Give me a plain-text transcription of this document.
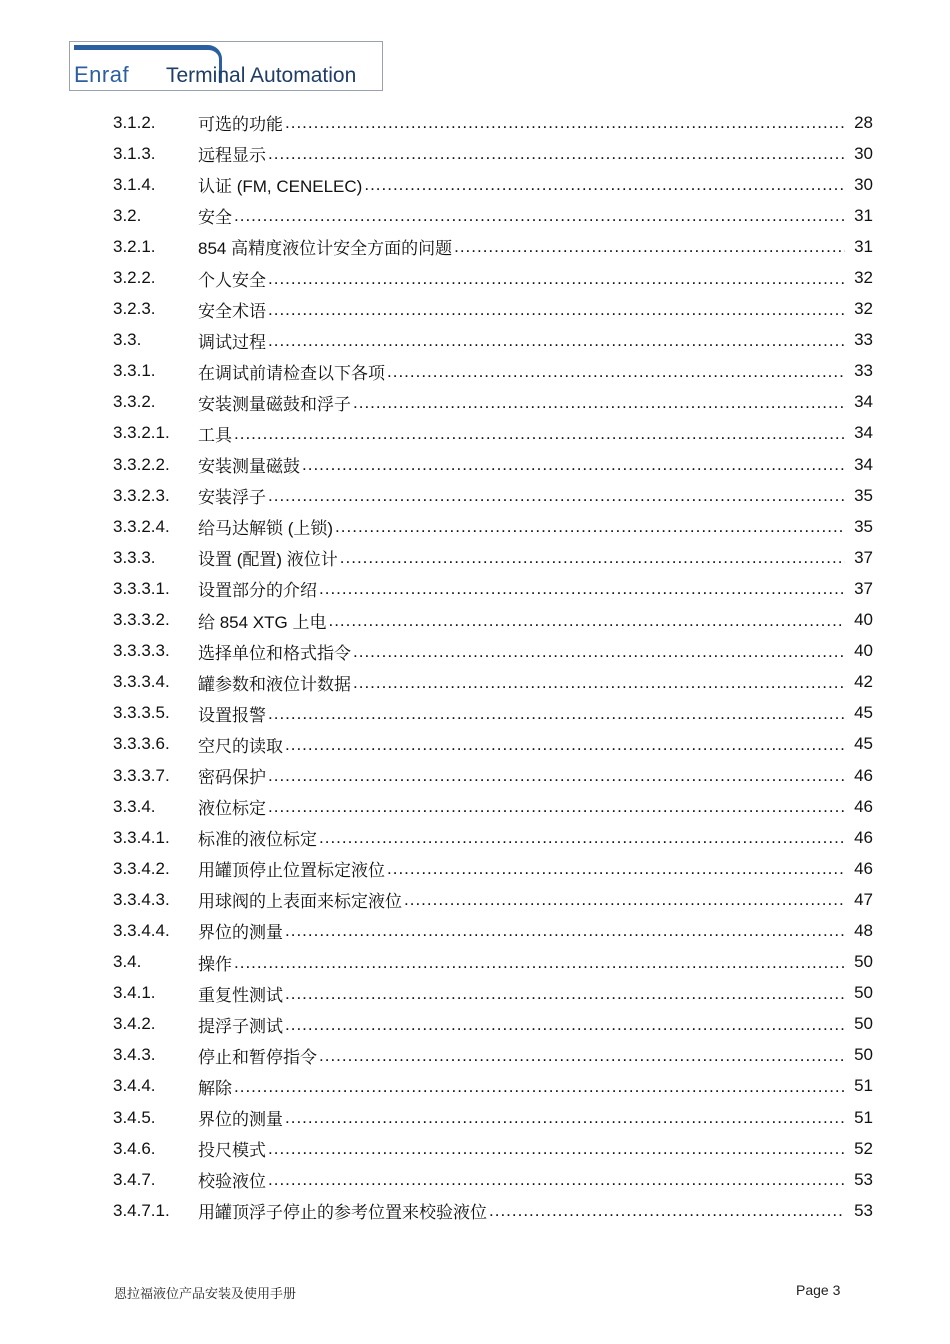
Enraf Terminal Automation
3.1.2.	可选的功能 .....	28
3.1.3.	远程显示 .....	30
3.1.4.	认证 (FM, CENELEC) .....	30
3.2.	安全 .....	31
3.2.1.	854 高精度液位计安全方面的问题 .....	31
3.2.2.	个人安全 .....	32
3.2.3.	安全术语 .....	32
3.3.	调试过程 .....	33
3.3.1.	在调试前请检查以下各项 .....	33
3.3.2.	安装测量磁鼓和浮子 .....	34
3.3.2.1.	工具 .....	34
3.3.2.2.	安装测量磁鼓 .....	34
3.3.2.3.	安装浮子 .....	35
3.3.2.4.	给马达解锁 (上锁) .....	35
3.3.3.	设置 (配置) 液位计 .....	37
3.3.3.1.	设置部分的介绍 .....	37
3.3.3.2.	给 854 XTG 上电 .....	40
3.3.3.3.	选择单位和格式指令 .....	40
3.3.3.4.	罐参数和液位计数据 .....	42
3.3.3.5.	设置报警 .....	45
3.3.3.6.	空尺的读取 .....	45
3.3.3.7.	密码保护 .....	46
3.3.4.	液位标定 .....	46
3.3.4.1.	标准的液位标定 .....	46
3.3.4.2.	用罐顶停止位置标定液位 .....	46
3.3.4.3.	用球阀的上表面来标定液位 .....	47
3.3.4.4.	界位的测量 .....	48
3.4.	操作 .....	50
3.4.1.	重复性测试 .....	50
3.4.2.	提浮子测试 .....	50
3.4.3.	停止和暂停指令 .....	50
3.4.4.	解除 .....	51
3.4.5.	界位的测量 .....	51
3.4.6.	投尺模式 .....	52
3.4.7.	校验液位 .....	53
3.4.7.1.	用罐顶浮子停止的参考位置来校验液位 .....	53
恩拉福液位产品安装及使用手册	Page 3
